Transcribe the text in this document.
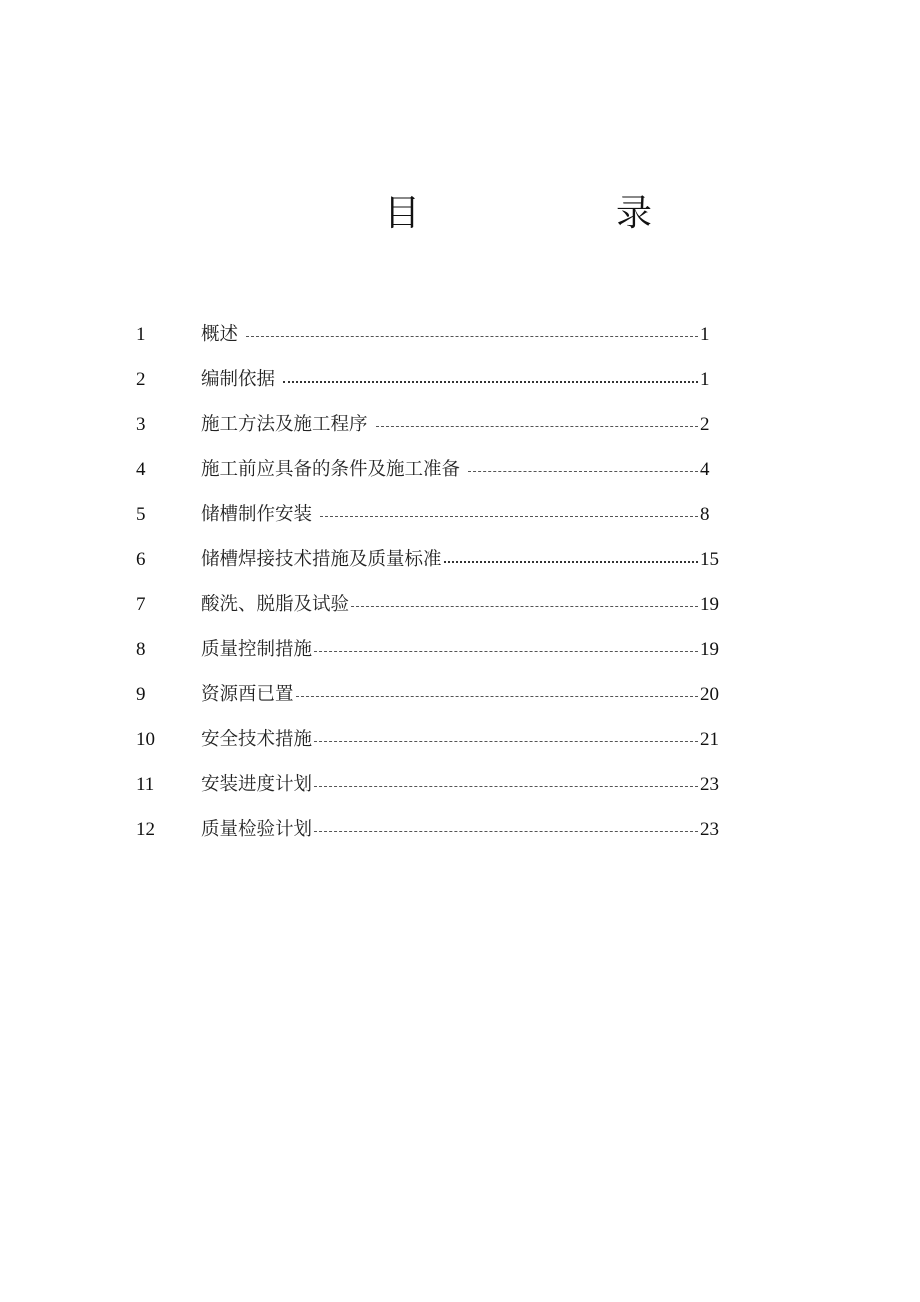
目	录
1	概述	1
2	编制依据	1
3	施工方法及施工程序	2
4	施工前应具备的条件及施工准备	4
5	储槽制作安装	8
6	储槽焊接技术措施及质量标准	15
7	酸洗、脱脂及试验	19
8	质量控制措施	19
9	资源酉已置	20
10	安全技术措施	21
11	安装进度计划	23
12	质量检验计划	23
